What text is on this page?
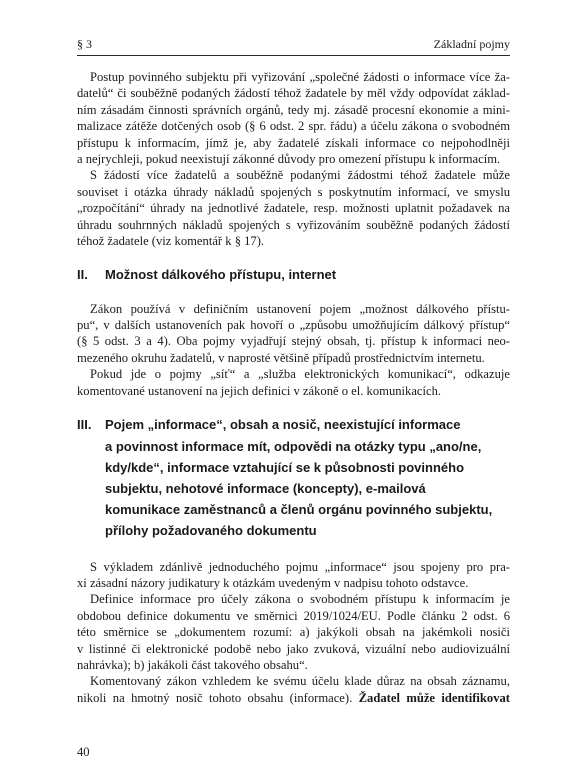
§ 3	Základní pojmy
Postup povinného subjektu při vyřizování „společné žádosti o informace více ža-
datelů“ či souběžně podaných žádostí téhož žadatele by měl vždy odpovídat základ-
ním zásadám činnosti správních orgánů, tedy mj. zásadě procesní ekonomie a mini-
malizace zátěže dotčených osob (§ 6 odst. 2 spr. řádu) a účelu zákona o svobodném
přístupu k informacím, jímž je, aby žadatelé získali informace co nejpohodlněji
a nejrychleji, pokud neexistují zákonné důvody pro omezení přístupu k informacím.
S žádostí více žadatelů a souběžně podanými žádostmi téhož žadatele může
souviset i otázka úhrady nákladů spojených s poskytnutím informací, ve smyslu
„rozpočítání“ úhrady na jednotlivé žadatele, resp. možnosti uplatnit požadavek na
úhradu souhrnných nákladů spojených s vyřizováním souběžně podaných žádostí
téhož žadatele (viz komentář k § 17).
II.	Možnost dálkového přístupu, internet
Zákon používá v definičním ustanovení pojem „možnost dálkového přístu-
pu“, v dalších ustanoveních pak hovoří o „způsobu umožňujícím dálkový přístup“
(§ 5 odst. 3 a 4). Oba pojmy vyjadřují stejný obsah, tj. přístup k informaci neo-
mezeného okruhu žadatelů, v naprosté většině případů prostřednictvím internetu.
Pokud jde o pojmy „síť“ a „služba elektronických komunikací“, odkazuje
komentované ustanovení na jejich definici v zákoně o el. komunikacích.
III.	Pojem „informace“, obsah a nosič, neexistující informace
a povinnost informace mít, odpovědi na otázky typu „ano/ne,
kdy/kde“, informace vztahující se k působnosti povinného
subjektu, nehotové informace (koncepty), e-mailová
komunikace zaměstnanců a členů orgánu povinného subjektu,
přílohy požadovaného dokumentu
S výkladem zdánlivě jednoduchého pojmu „informace“ jsou spojeny pro pra-
xi zásadní názory judikatury k otázkám uvedeným v nadpisu tohoto odstavce.
Definice informace pro účely zákona o svobodném přístupu k informacím je
obdobou definice dokumentu ve směrnici 2019/1024/EU. Podle článku 2 odst. 6
této směrnice se „dokumentem rozumí: a) jakýkoli obsah na jakémkoli nosiči
v listinné či elektronické podobě nebo jako zvuková, vizuální nebo audiovizuální
nahrávka); b) jakákoli část takového obsahu“.
Komentovaný zákon vzhledem ke svému účelu klade důraz na obsah záznamu,
nikoli na hmotný nosič tohoto obsahu (informace). Žadatel může identifikovat
40
